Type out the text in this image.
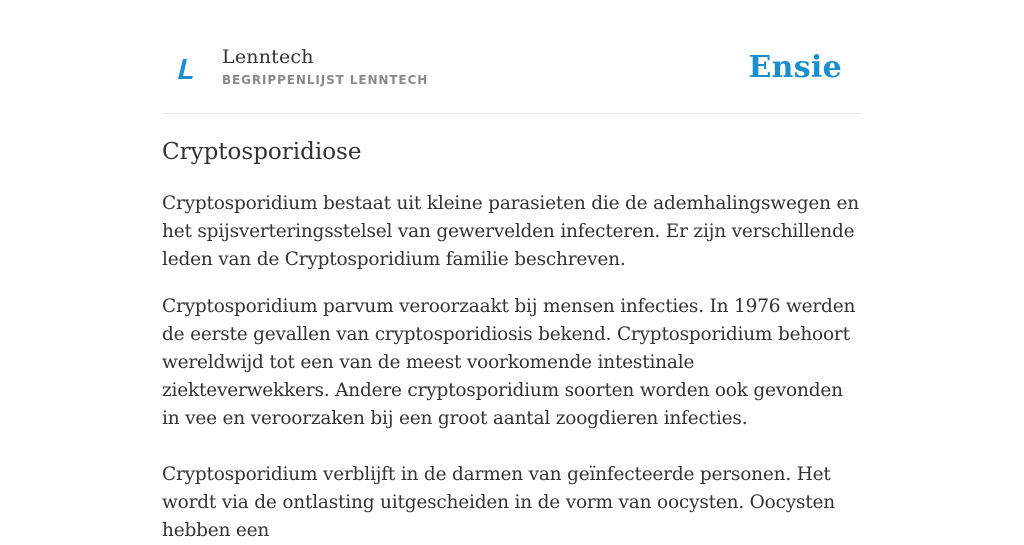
Lenntech
BEGRIPPENLIJST LENNTECH	Ensie
Cryptosporidiose

Cryptosporidium bestaat uit kleine parasieten die de ademhalingswegen en het spijsverteringsstelsel van gewervelden infecteren. Er zijn verschillende leden van de Cryptosporidium familie beschreven.

Cryptosporidium parvum veroorzaakt bij mensen infecties. In 1976 werden de eerste gevallen van cryptosporidiosis bekend. Cryptosporidium behoort wereldwijd tot een van de meest voorkomende intestinale ziekteverwekkers. Andere cryptosporidium soorten worden ook gevonden in vee en veroorzaken bij een groot aantal zoogdieren infecties.

Cryptosporidium verblijft in de darmen van geïnfecteerde personen. Het wordt via de ontlasting uitgescheiden in de vorm van oocysten. Oocysten hebben een
